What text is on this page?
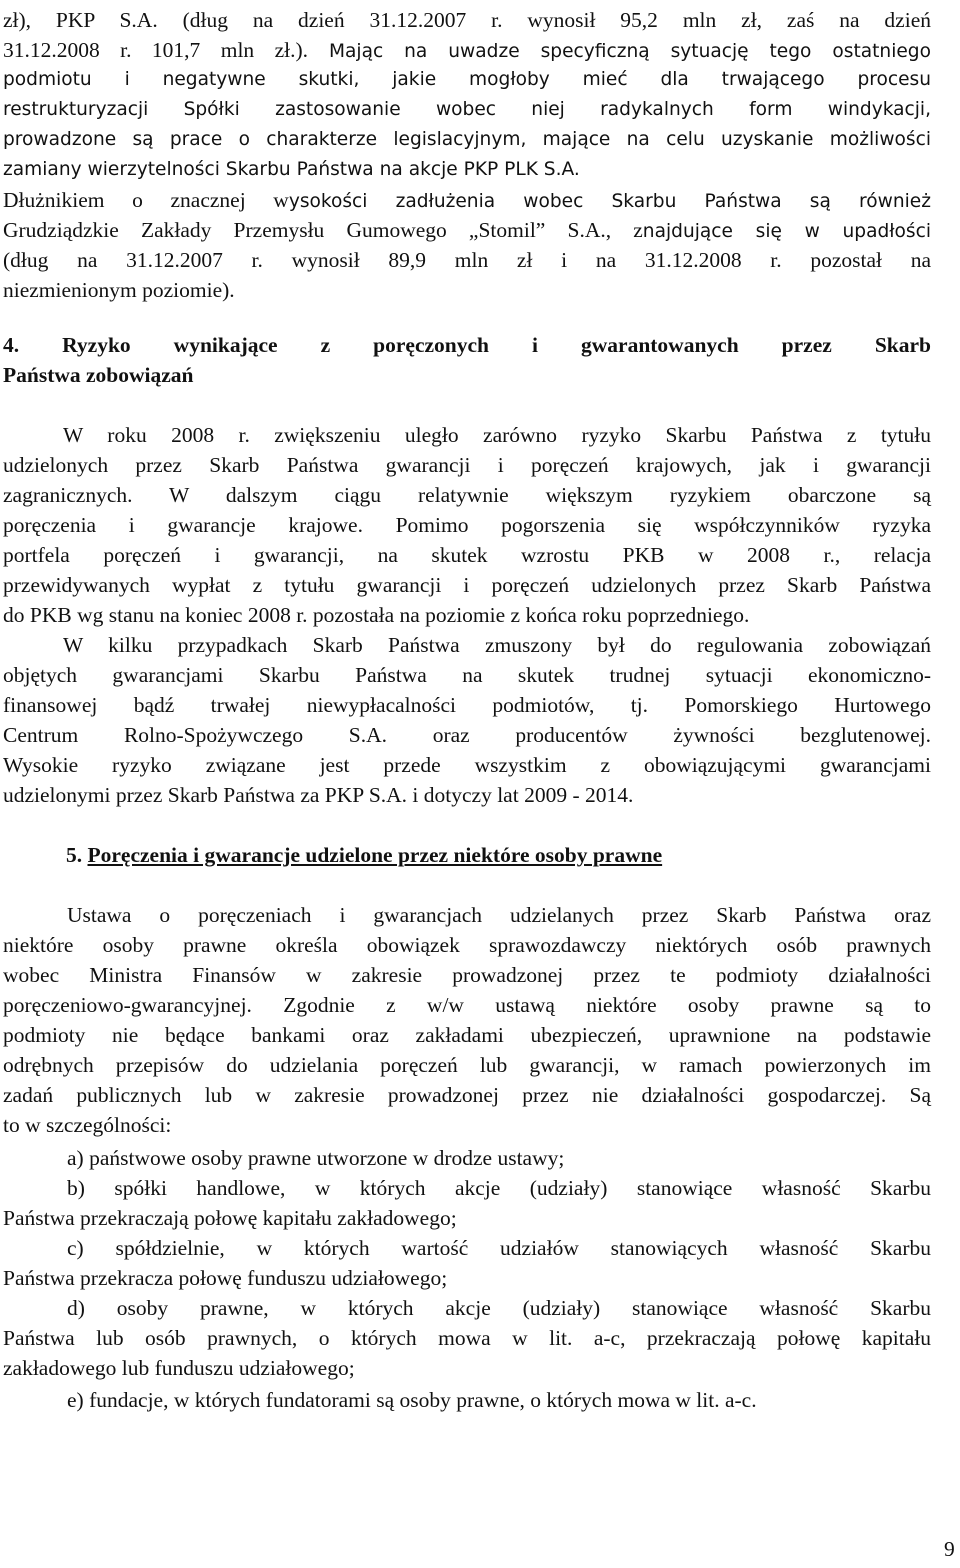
zł), PKP S.A. (dług na dzień 31.12.2007 r. wynosił 95,2 mln zł, zaś na dzień
31.12.2008 r. 101,7 mln zł.). Mając na uwadze specyficzną sytuację tego ostatniego
podmiotu i negatywne skutki, jakie mogłoby mieć dla trwającego procesu
restrukturyzacji Spółki zastosowanie wobec niej radykalnych form windykacji,
prowadzone są prace o charakterze legislacyjnym, mające na celu uzyskanie możliwości
zamiany wierzytelności Skarbu Państwa na akcje PKP PLK S.A.
Dłużnikiem o znacznej wysokości zadłużenia wobec Skarbu Państwa są również
Grudziądzkie Zakłady Przemysłu Gumowego „Stomil” S.A., znajdujące się w upadłości
(dług na 31.12.2007 r. wynosił 89,9 mln zł i na 31.12.2008 r. pozostał na
niezmienionym poziomie).
4. Ryzyko wynikające z poręczonych i gwarantowanych przez Skarb
Państwa zobowiązań
W roku 2008 r. zwiększeniu uległo zarówno ryzyko Skarbu Państwa z tytułu
udzielonych przez Skarb Państwa gwarancji i poręczeń krajowych, jak i gwarancji
zagranicznych. W dalszym ciągu relatywnie większym ryzykiem obarczone są
poręczenia i gwarancje krajowe. Pomimo pogorszenia się współczynników ryzyka
portfela poręczeń i gwarancji, na skutek wzrostu PKB w 2008 r., relacja
przewidywanych wypłat z tytułu gwarancji i poręczeń udzielonych przez Skarb Państwa
do PKB wg stanu na koniec 2008 r. pozostała na poziomie z końca roku poprzedniego.
W kilku przypadkach Skarb Państwa zmuszony był do regulowania zobowiązań
objętych gwarancjami Skarbu Państwa na skutek trudnej sytuacji ekonomiczno-
finansowej bądź trwałej niewypłacalności podmiotów, tj. Pomorskiego Hurtowego
Centrum Rolno-Spożywczego S.A. oraz producentów żywności bezglutenowej.
Wysokie ryzyko związane jest przede wszystkim z obowiązującymi gwarancjami
udzielonymi przez Skarb Państwa za PKP S.A. i dotyczy lat 2009 - 2014.
5. Poręczenia i gwarancje udzielone przez niektóre osoby prawne
Ustawa o poręczeniach i gwarancjach udzielanych przez Skarb Państwa oraz
niektóre osoby prawne określa obowiązek sprawozdawczy niektórych osób prawnych
wobec Ministra Finansów w zakresie prowadzonej przez te podmioty działalności
poręczeniowo-gwarancyjnej. Zgodnie z w/w ustawą niektóre osoby prawne są to
podmioty nie będące bankami oraz zakładami ubezpieczeń, uprawnione na podstawie
odrębnych przepisów do udzielania poręczeń lub gwarancji, w ramach powierzonych im
zadań publicznych lub w zakresie prowadzonej przez nie działalności gospodarczej. Są
to w szczególności:
a) państwowe osoby prawne utworzone w drodze ustawy;
b) spółki handlowe, w których akcje (udziały) stanowiące własność Skarbu
Państwa przekraczają połowę kapitału zakładowego;
c) spółdzielnie, w których wartość udziałów stanowiących własność Skarbu
Państwa przekracza połowę funduszu udziałowego;
d) osoby prawne, w których akcje (udziały) stanowiące własność Skarbu
Państwa lub osób prawnych, o których mowa w lit. a-c, przekraczają połowę kapitału
zakładowego lub funduszu udziałowego;
e) fundacje, w których fundatorami są osoby prawne, o których mowa w lit. a-c.
9
